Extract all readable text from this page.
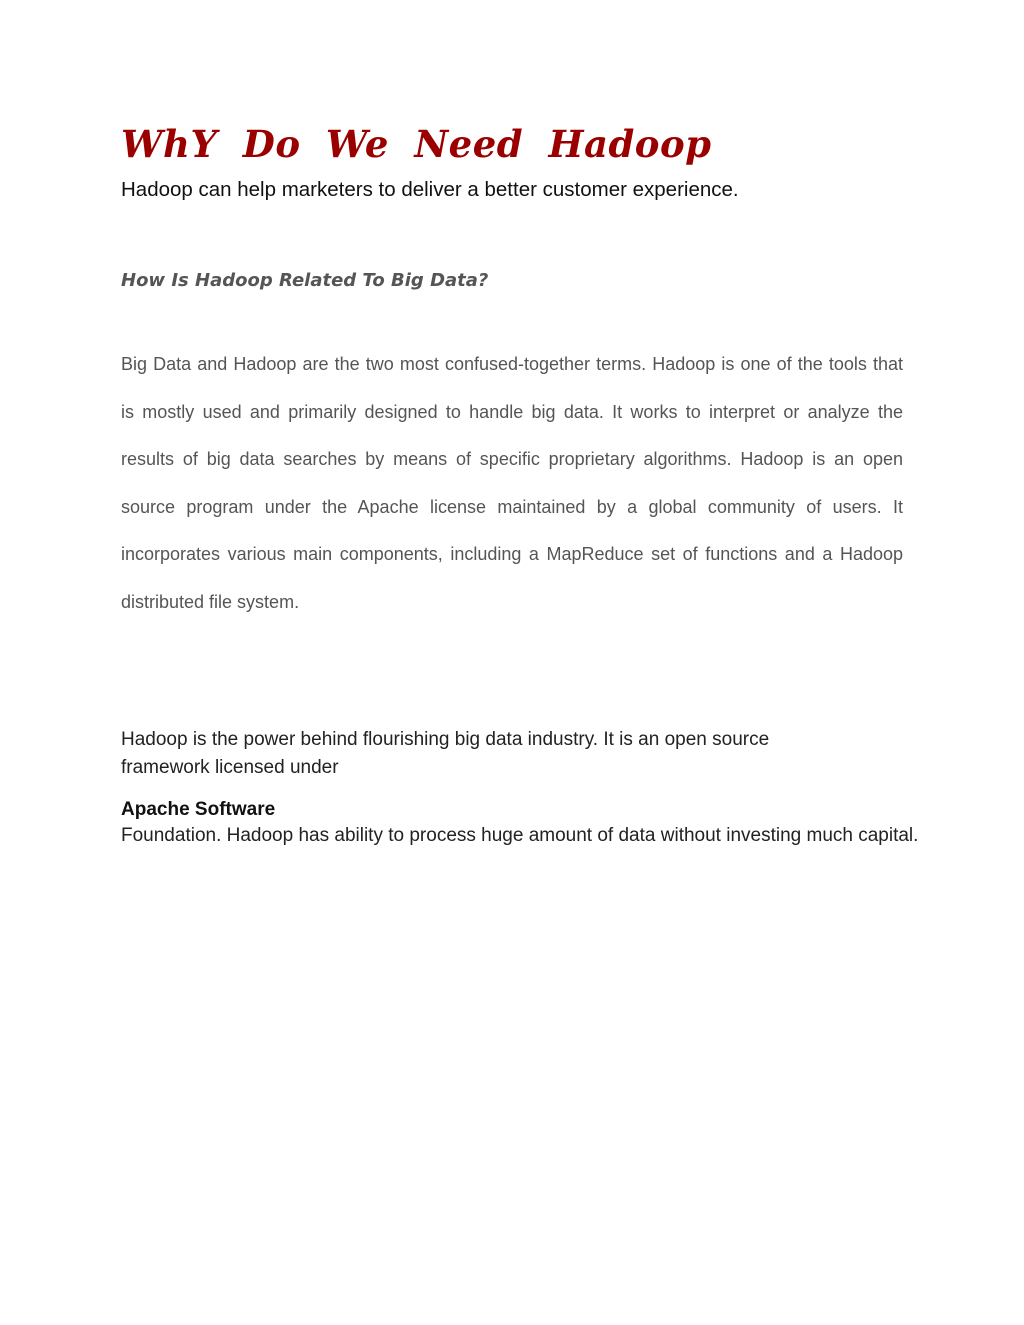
WhY Do We Need Hadoop

Hadoop can help marketers to deliver a better customer experience.

How Is Hadoop Related To Big Data?

Big Data and Hadoop are the two most confused-together terms. Hadoop is one of the tools that is mostly used and primarily designed to handle big data. It works to interpret or analyze the results of big data searches by means of specific proprietary algorithms. Hadoop is an open source program under the Apache license maintained by a global community of users. It incorporates various main components, including a MapReduce set of functions and a Hadoop distributed file system.

Hadoop is the power behind flourishing big data industry. It is an open source framework licensed under

Apache Software

Foundation. Hadoop has ability to process huge amount of data without investing much capital.
